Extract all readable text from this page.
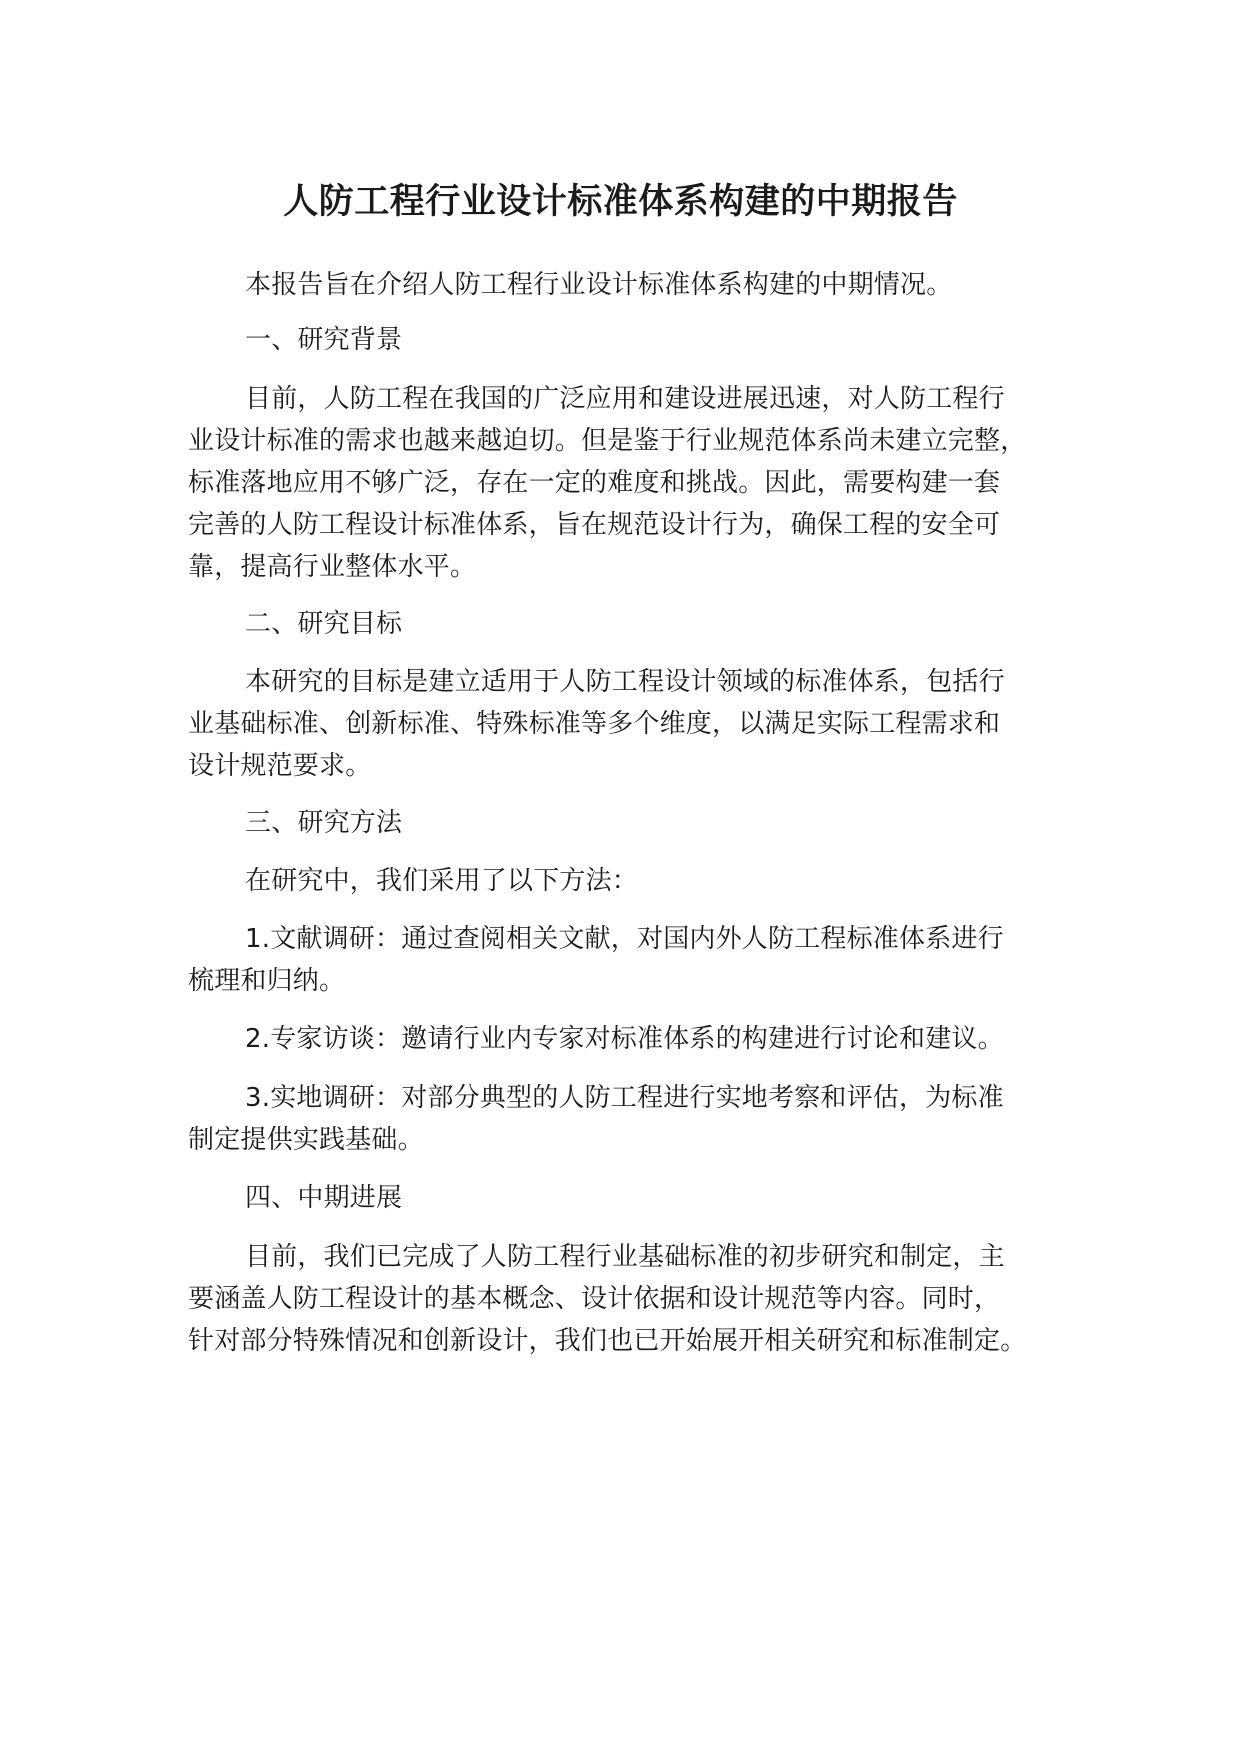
人防工程行业设计标准体系构建的中期报告

本报告旨在介绍人防工程行业设计标准体系构建的中期情况。

一、研究背景

目前，人防工程在我国的广泛应用和建设进展迅速，对人防工程行
业设计标准的需求也越来越迫切。但是鉴于行业规范体系尚未建立完整，
标准落地应用不够广泛，存在一定的难度和挑战。因此，需要构建一套
完善的人防工程设计标准体系，旨在规范设计行为，确保工程的安全可
靠，提高行业整体水平。

二、研究目标

本研究的目标是建立适用于人防工程设计领域的标准体系，包括行
业基础标准、创新标准、特殊标准等多个维度，以满足实际工程需求和
设计规范要求。

三、研究方法

在研究中，我们采用了以下方法：

1.文献调研：通过查阅相关文献，对国内外人防工程标准体系进行
梳理和归纳。

2.专家访谈：邀请行业内专家对标准体系的构建进行讨论和建议。

3.实地调研：对部分典型的人防工程进行实地考察和评估，为标准
制定提供实践基础。

四、中期进展

目前，我们已完成了人防工程行业基础标准的初步研究和制定，主
要涵盖人防工程设计的基本概念、设计依据和设计规范等内容。同时，
针对部分特殊情况和创新设计，我们也已开始展开相关研究和标准制定。
